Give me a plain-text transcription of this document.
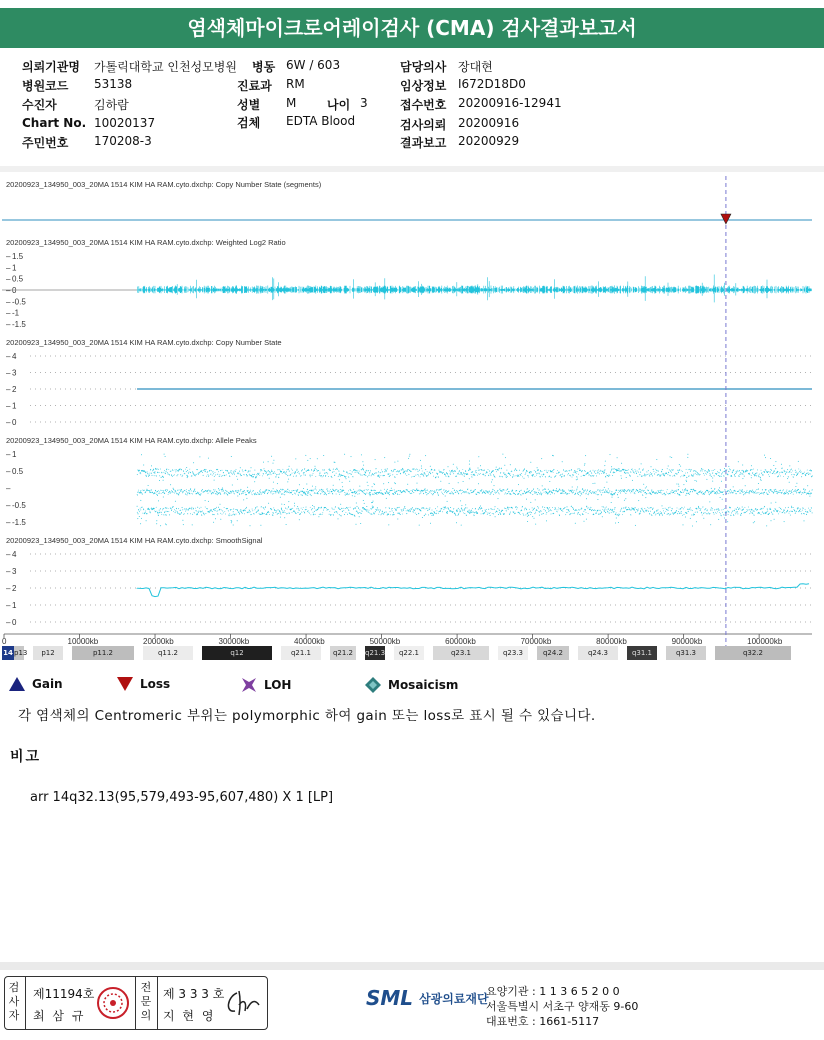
염색체마이크로어레이검사 (CMA) 검사결과보고서
의뢰기관명 가톨릭대학교 인천성모병원 병동 6W / 603	담당의사 장대현
병원코드 53138	진료과 RM	임상정보 I672D18D0
수진자	김하람	성별 M	나이 3	접수번호 20200916-12941
Chart No. 10020137	검체 EDTA Blood	검사의뢰 20200916
주민번호 170208-3	결과보고 20200929
20200923_134950_003_20MA 1514 KIM HA RAM.cyto.dxchp: Copy Number State (segments)
20200923_134950_003_20MA 1514 KIM HA RAM.cyto.dxchp: Weighted Log2 Ratio
– 1.5
– 1
– 0.5
– 0
– -0.5
– -1
– -1.5
20200923_134950_003_20MA 1514 KIM HA RAM.cyto.dxchp: Copy Number State
– 4
– 3
– 2
– 1
– 0
20200923_134950_003_20MA 1514 KIM HA RAM.cyto.dxchp: Allele Peaks
– 1
– 0.5
–
– -0.5
– -1.5
20200923_134950_003_20MA 1514 KIM HA RAM.cyto.dxchp: SmoothSignal
– 4
– 3
– 2
– 1
– 0
0	10000kb	20000kb	30000kb	40000kb	50000kb	60000kb	70000kb	80000kb	90000kb	100000kb
14 p13	p12	p11.2	q11.2	q12	q21.1	q21.2	q21.3	q22.1	q23.1	q23.3	q24.2	q24.3	q31.1	q31.3	q32.2
Gain	Loss	LOH	Mosaicism
각 염색체의 Centromeric 부위는 polymorphic 하여 gain 또는 loss로 표시 될 수 있습니다.
비고
arr 14q32.13(95,579,493-95,607,480) X 1 [LP]
검사자
제11194호
최 삼 규
전문의
제 3 3 3 호
지 현 영
SML 삼광의료재단
요양기관 : 1 1 3 6 5 2 0 0
서울특별시 서초구 양재동 9-60
대표번호 : 1661-5117
